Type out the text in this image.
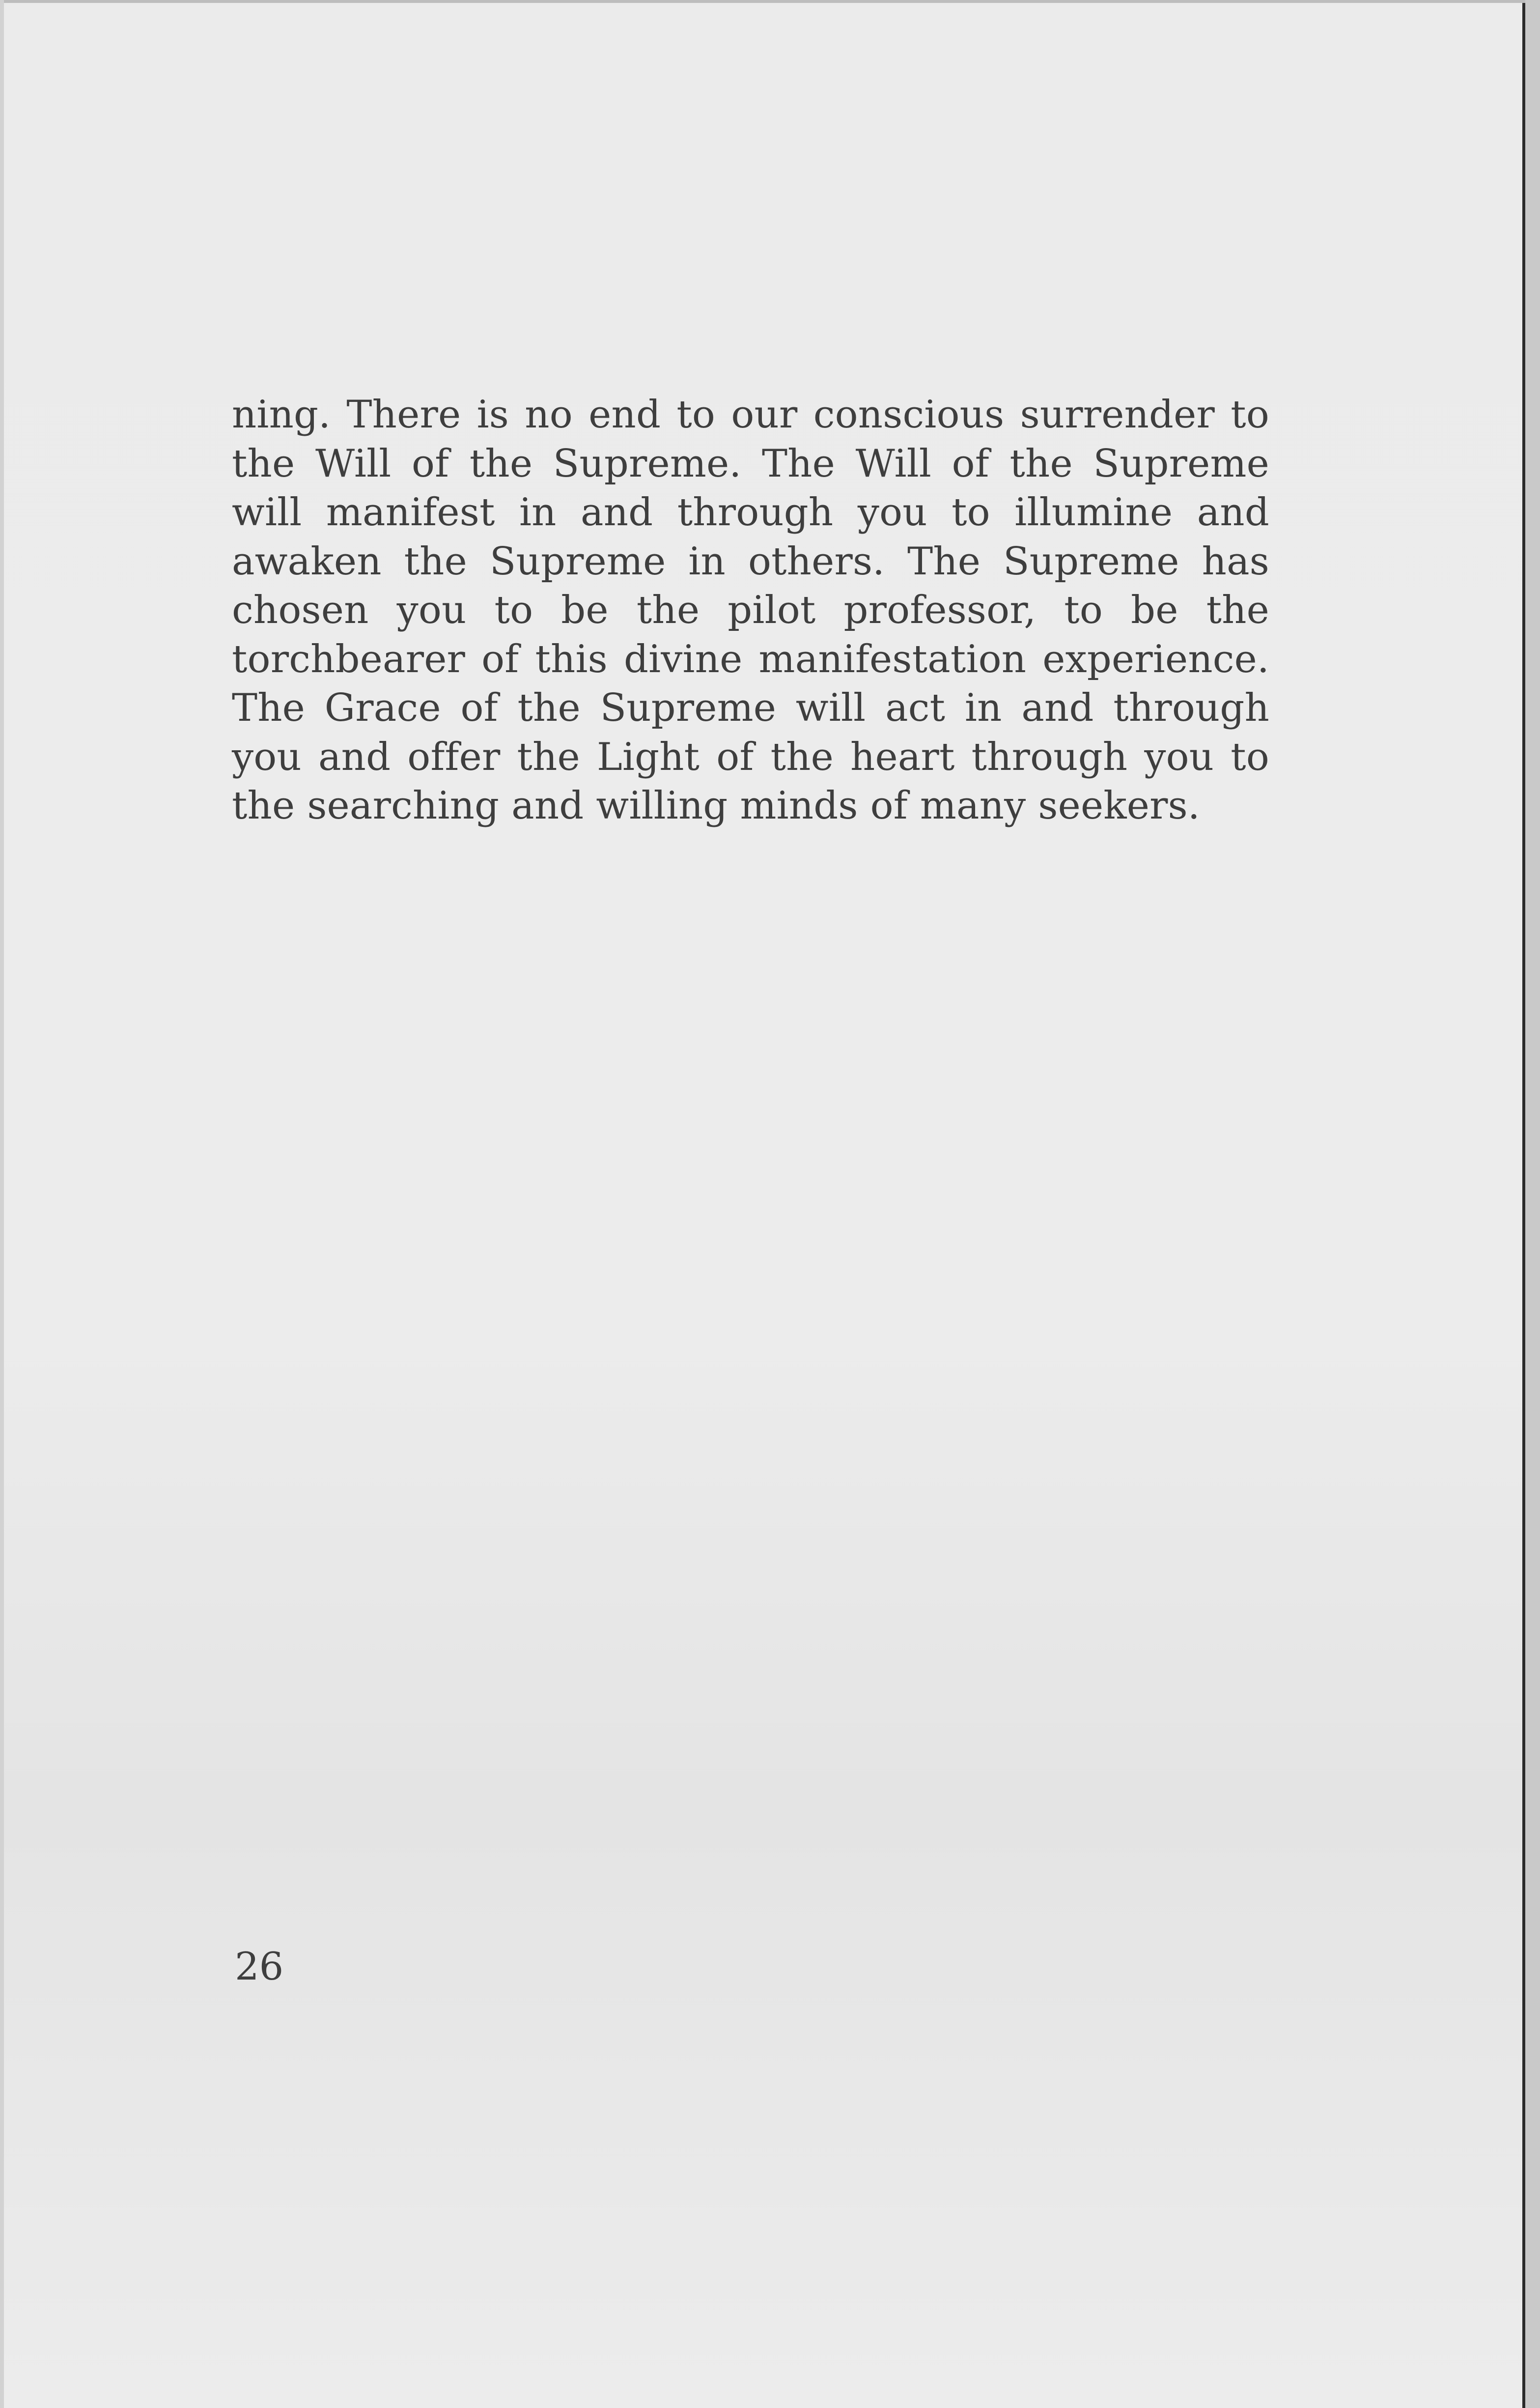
ning. There is no end to our conscious surrender to the Will of the Supreme. The Will of the Supreme will manifest in and through you to illumine and awaken the Supreme in others. The Supreme has chosen you to be the pilot professor, to be the torchbearer of this divine manifestation experience. The Grace of the Supreme will act in and through you and offer the Light of the heart through you to the searching and willing minds of many seekers.

26
